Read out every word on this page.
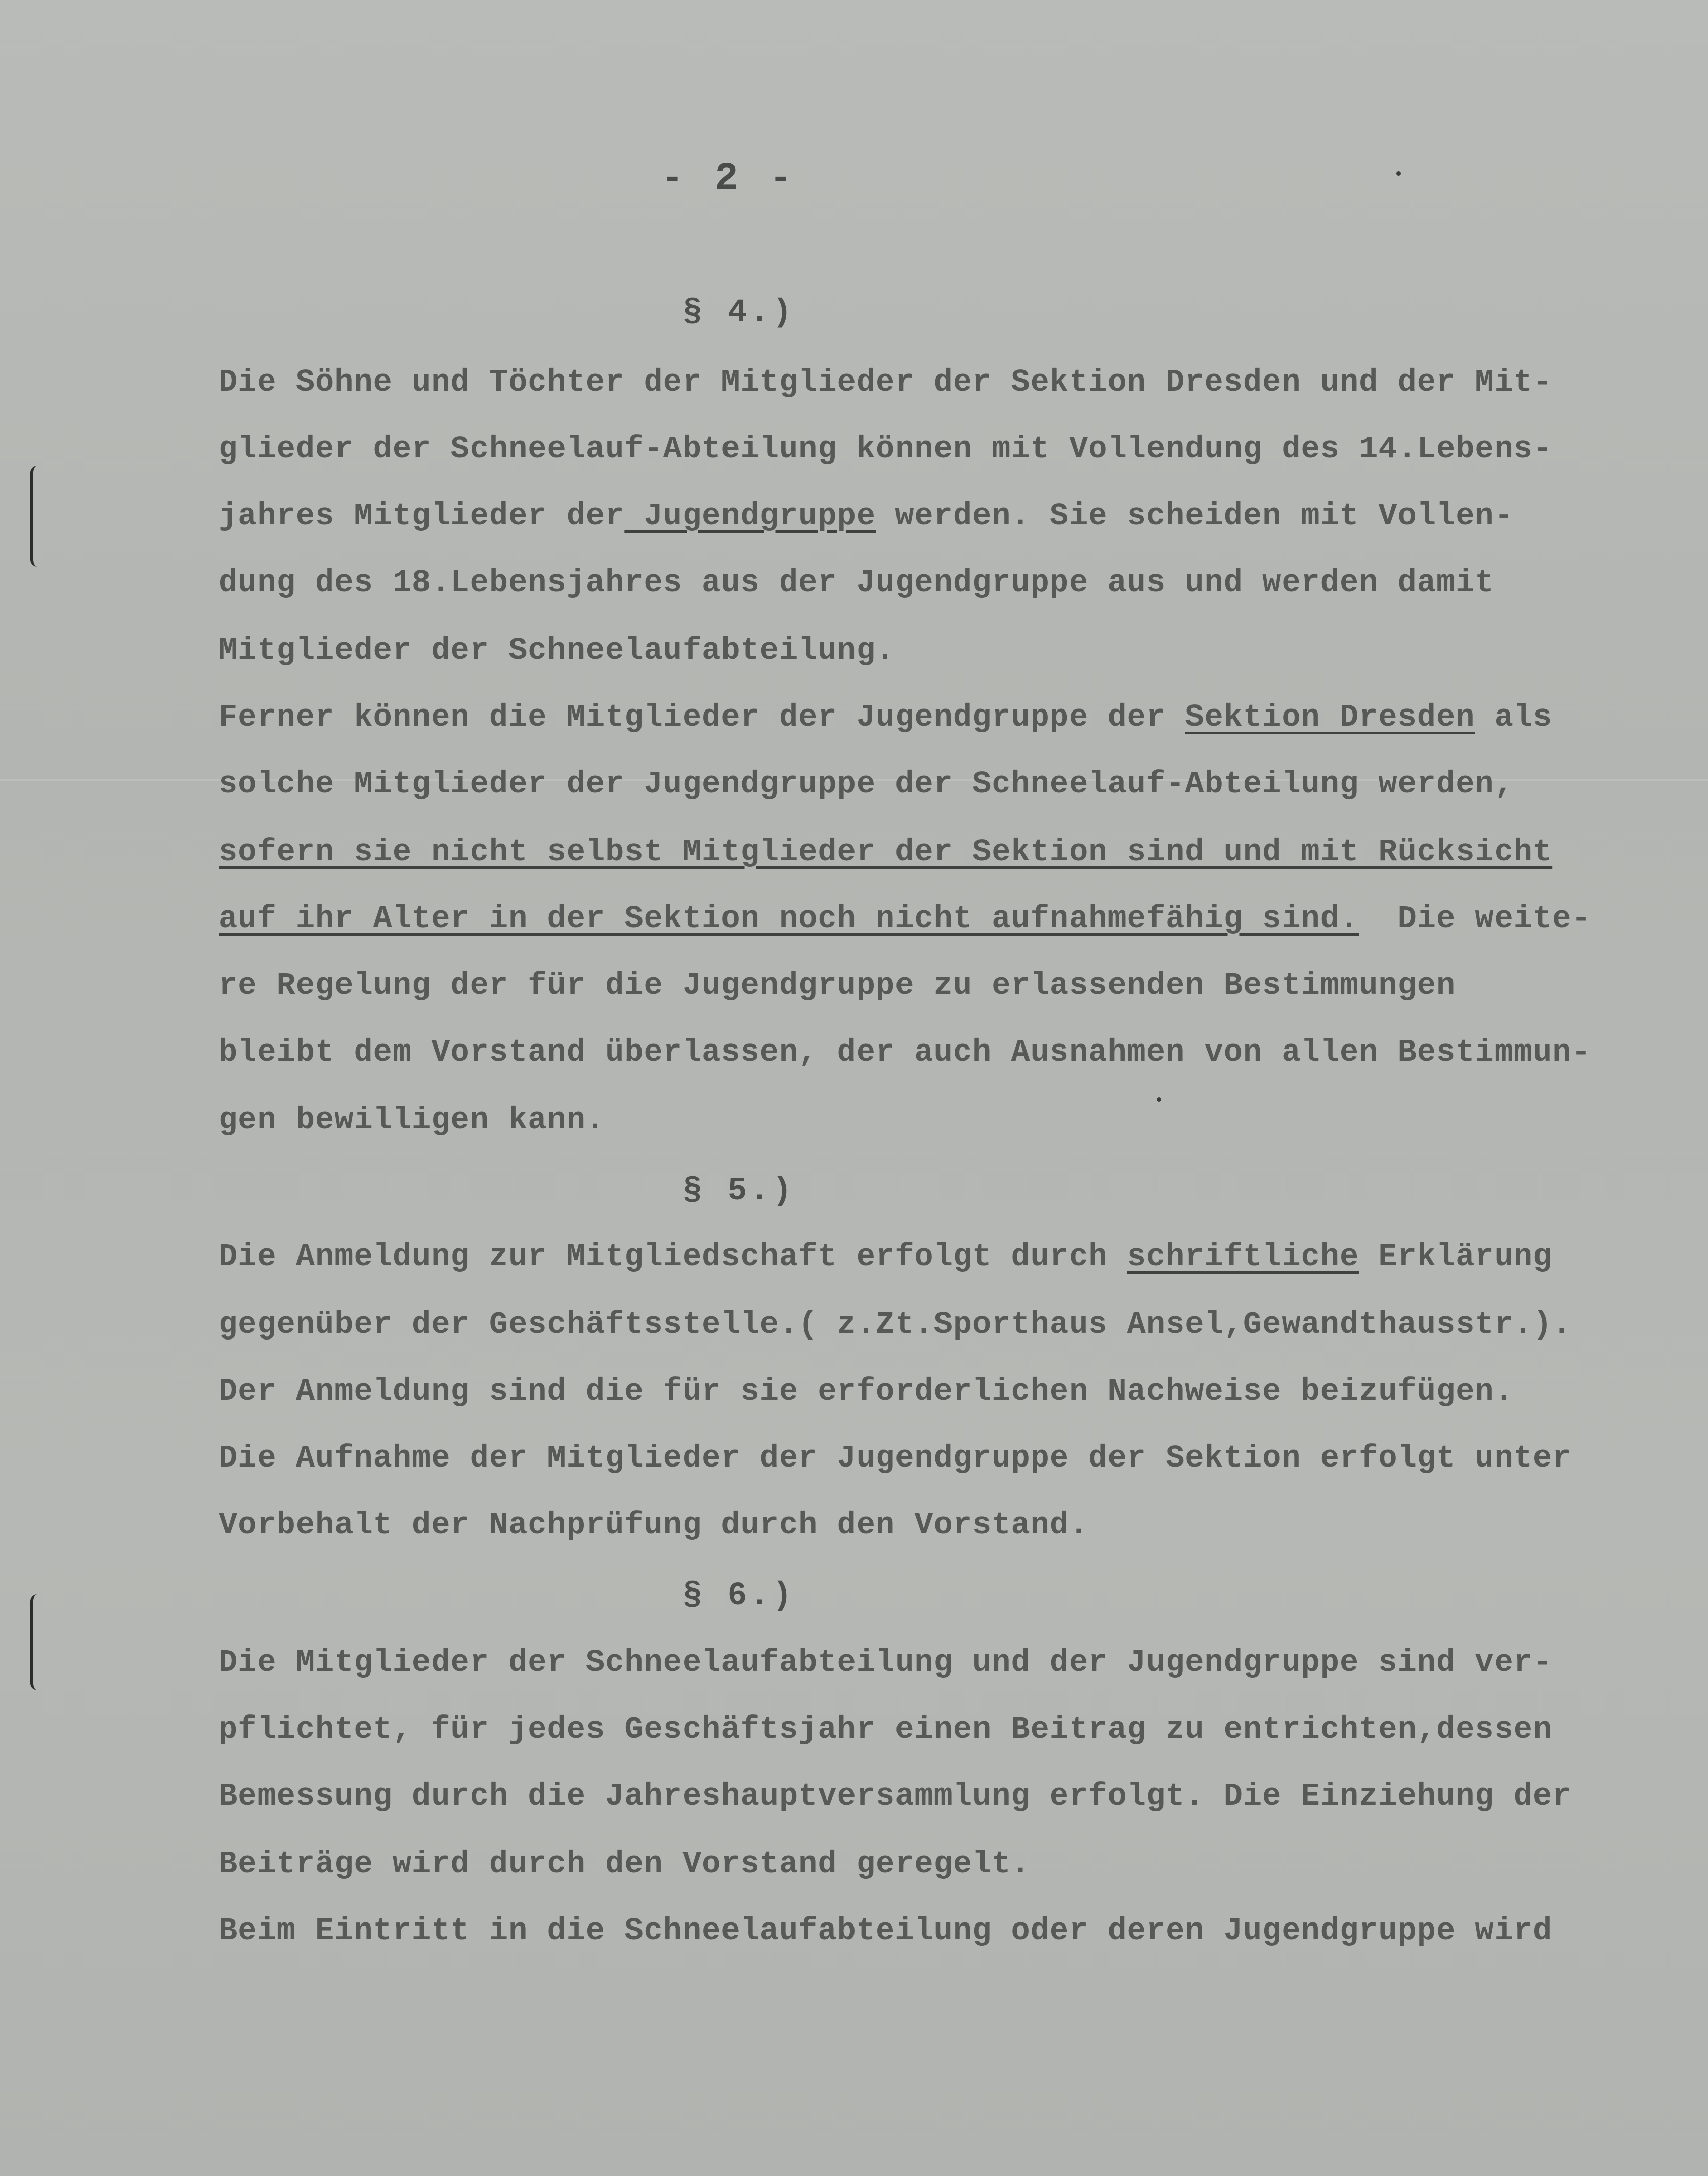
- 2 -
§ 4.)
Die Söhne und Töchter der Mitglieder der Sektion Dresden und der Mit-
glieder der Schneelauf-Abteilung können mit Vollendung des 14.Lebens-
jahres Mitglieder der Jugendgruppe werden. Sie scheiden mit Vollen-
dung des 18.Lebensjahres aus der Jugendgruppe aus und werden damit
Mitglieder der Schneelaufabteilung.
Ferner können die Mitglieder der Jugendgruppe der Sektion Dresden als
solche Mitglieder der Jugendgruppe der Schneelauf-Abteilung werden,
sofern sie nicht selbst Mitglieder der Sektion sind und mit Rücksicht
auf ihr Alter in der Sektion noch nicht aufnahmefähig sind.  Die weite-
re Regelung der für die Jugendgruppe zu erlassenden Bestimmungen
bleibt dem Vorstand überlassen, der auch Ausnahmen von allen Bestimmun-
gen bewilligen kann.
§ 5.)
Die Anmeldung zur Mitgliedschaft erfolgt durch schriftliche Erklärung
gegenüber der Geschäftsstelle.( z.Zt.Sporthaus Ansel,Gewandthausstr.).
Der Anmeldung sind die für sie erforderlichen Nachweise beizufügen.
Die Aufnahme der Mitglieder der Jugendgruppe der Sektion erfolgt unter
Vorbehalt der Nachprüfung durch den Vorstand.
§ 6.)
Die Mitglieder der Schneelaufabteilung und der Jugendgruppe sind ver-
pflichtet, für jedes Geschäftsjahr einen Beitrag zu entrichten,dessen
Bemessung durch die Jahreshauptversammlung erfolgt. Die Einziehung der
Beiträge wird durch den Vorstand geregelt.
Beim Eintritt in die Schneelaufabteilung oder deren Jugendgruppe wird
